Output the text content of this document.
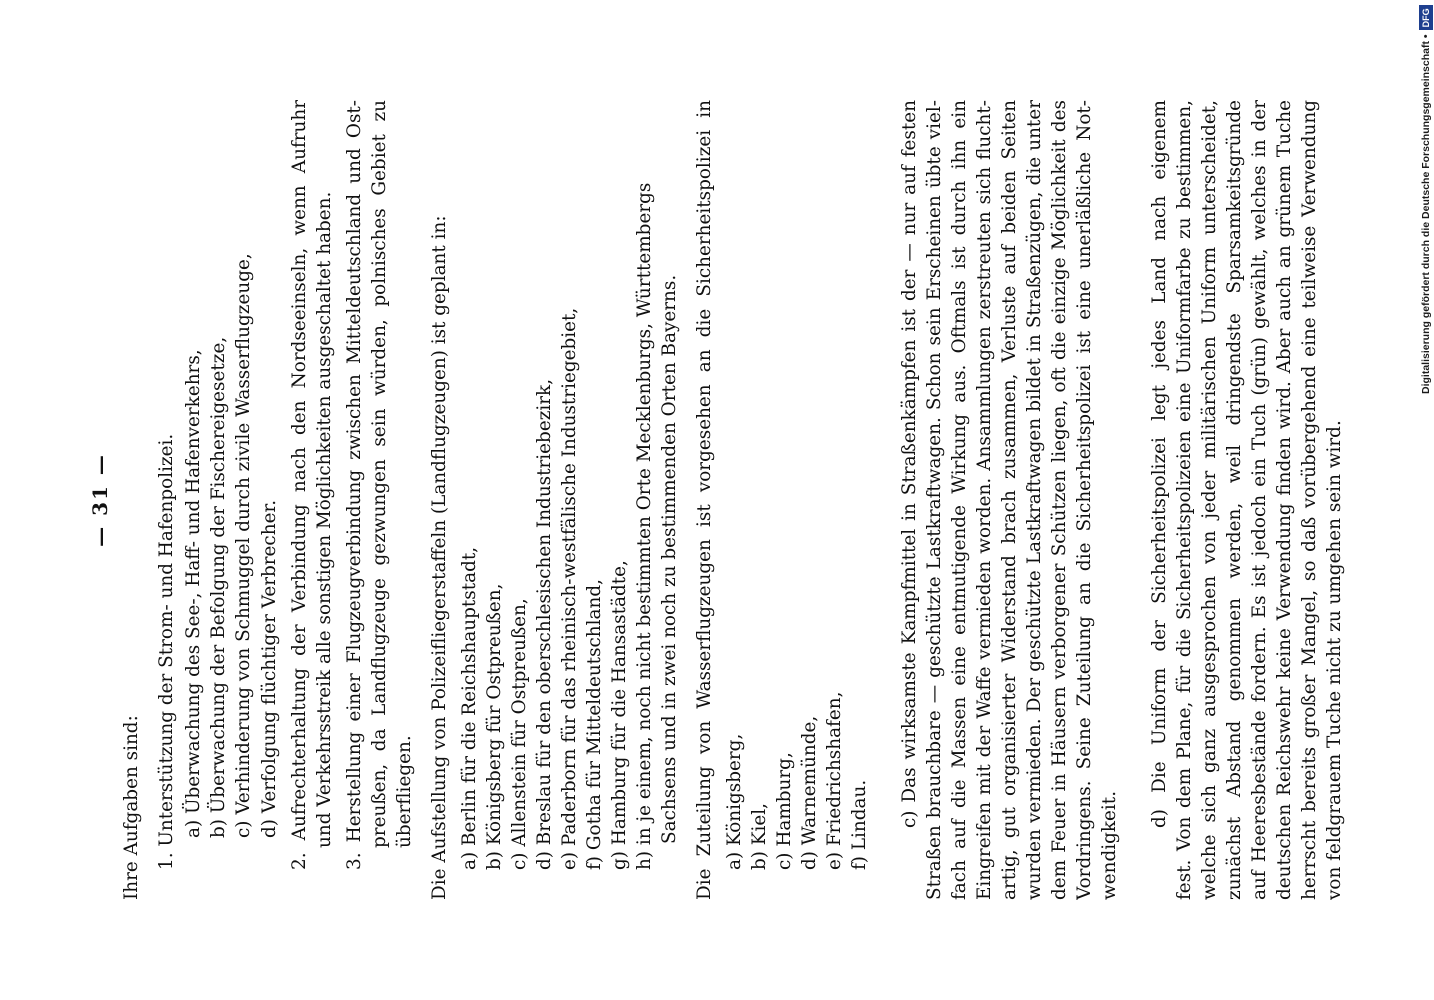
— 31 —
Ihre Aufgaben sind: 1. Unterstützung der Strom- und Hafenpolizei. a) Überwachung des See-, Haff- und Hafenverkehrs, b) Überwachung der Befolgung der Fischereigesetze, c) Verhinderung von Schmuggel durch zivile Wasserflugzeuge, d) Verfolgung flüchtiger Verbrecher. 2. Aufrechterhaltung der Verbindung nach den Nordseeinseln, wenn Aufruhr und Verkehrsstreik alle sonstigen Möglichkeiten ausgeschaltet haben. 3. Herstellung einer Flugzeugverbindung zwischen Mitteldeutschland und Ost- preußen, da Landflugzeuge gezwungen sein würden, polnisches Gebiet zu überfliegen. Die Aufstellung von Polizeifliegerstaffeln (Landflugzeugen) ist geplant in: a) Berlin für die Reichshauptstadt, b) Königsberg für Ostpreußen, c) Allenstein für Ostpreußen, d) Breslau für den oberschlesischen Industriebezirk, e) Paderborn für das rheinisch-westfälische Industriegebiet, f) Gotha für Mitteldeutschland, g) Hamburg für die Hansastädte, h) in je einem, noch nicht bestimmten Orte Mecklenburgs, Württembergs Sachsens und in zwei noch zu bestimmenden Orten Bayerns. Die Zuteilung von Wasserflugzeugen ist vorgesehen an die Sicherheitspolizei in a) Königsberg, b) Kiel, c) Hamburg, d) Warnemünde, e) Friedrichshafen, f) Lindau. c) Das wirksamste Kampfmittel in Straßenkämpfen ist der — nur auf festen Straßen brauchbare — geschützte Lastkraftwagen. Schon sein Erscheinen übte viel- fach auf die Massen eine entmutigende Wirkung aus. Oftmals ist durch ihn ein Eingreifen mit der Waffe vermieden worden. Ansammlungen zerstreuten sich flucht- artig, gut organisierter Widerstand brach zusammen, Verluste auf beiden Seiten wurden vermieden. Der geschützte Lastkraftwagen bildet in Straßenzügen, die unter dem Feuer in Häusern verborgener Schützen liegen, oft die einzige Möglichkeit des Vordringens. Seine Zuteilung an die Sicherheitspolizei ist eine unerläßliche Not- wendigkeit. d) Die Uniform der Sicherheitspolizei legt jedes Land nach eigenem fest. Von dem Plane, für die Sicherheitspolizeien eine Uniformfarbe zu bestimmen, welche sich ganz ausgesprochen von jeder militärischen Uniform unterscheidet,
zunächst Abstand genommen werden, weil dringendste Sparsamkeitsgründe auf Heeresbestände fordern. Es ist jedoch ein Tuch (grün) gewählt, welches in der deutschen Reichswehr keine Verwendung finden wird. Aber auch an grünem Tuche herrscht bereits großer Mangel, so daß vorübergehend eine teilweise Verwendung von feldgrauem Tuche nicht zu umgehen sein wird.
Digitalisierung gefördert durch die Deutsche Forschungsgemeinschaft •
DFG
